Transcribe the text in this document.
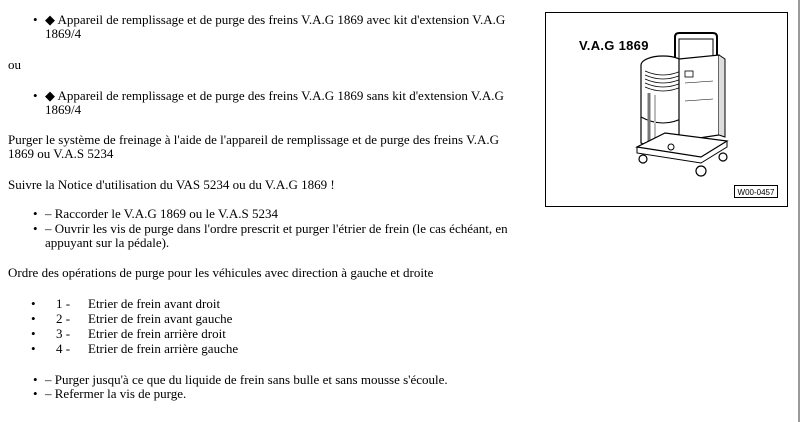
• ◆ Appareil de remplissage et de purge des freins V.A.G 1869 avec kit d'extension V.A.G
1869/4
ou
• ◆ Appareil de remplissage et de purge des freins V.A.G 1869 sans kit d'extension V.A.G
1869/4
Purger le système de freinage à l'aide de l'appareil de remplissage et de purge des freins V.A.G
1869 ou V.A.S 5234
Suivre la Notice d'utilisation du VAS 5234 ou du V.A.G 1869 !
• – Raccorder le V.A.G 1869 ou le V.A.S 5234
• – Ouvrir les vis de purge dans l'ordre prescrit et purger l'étrier de frein (le cas échéant, en
appuyant sur la pédale).
Ordre des opérations de purge pour les véhicules avec direction à gauche et droite
• 1 - Etrier de frein avant droit
• 2 - Etrier de frein avant gauche
• 3 - Etrier de frein arrière droit
• 4 - Etrier de frein arrière gauche
• – Purger jusqu'à ce que du liquide de frein sans bulle et sans mousse s'écoule.
• – Refermer la vis de purge.
V.A.G 1869
W00-0457
